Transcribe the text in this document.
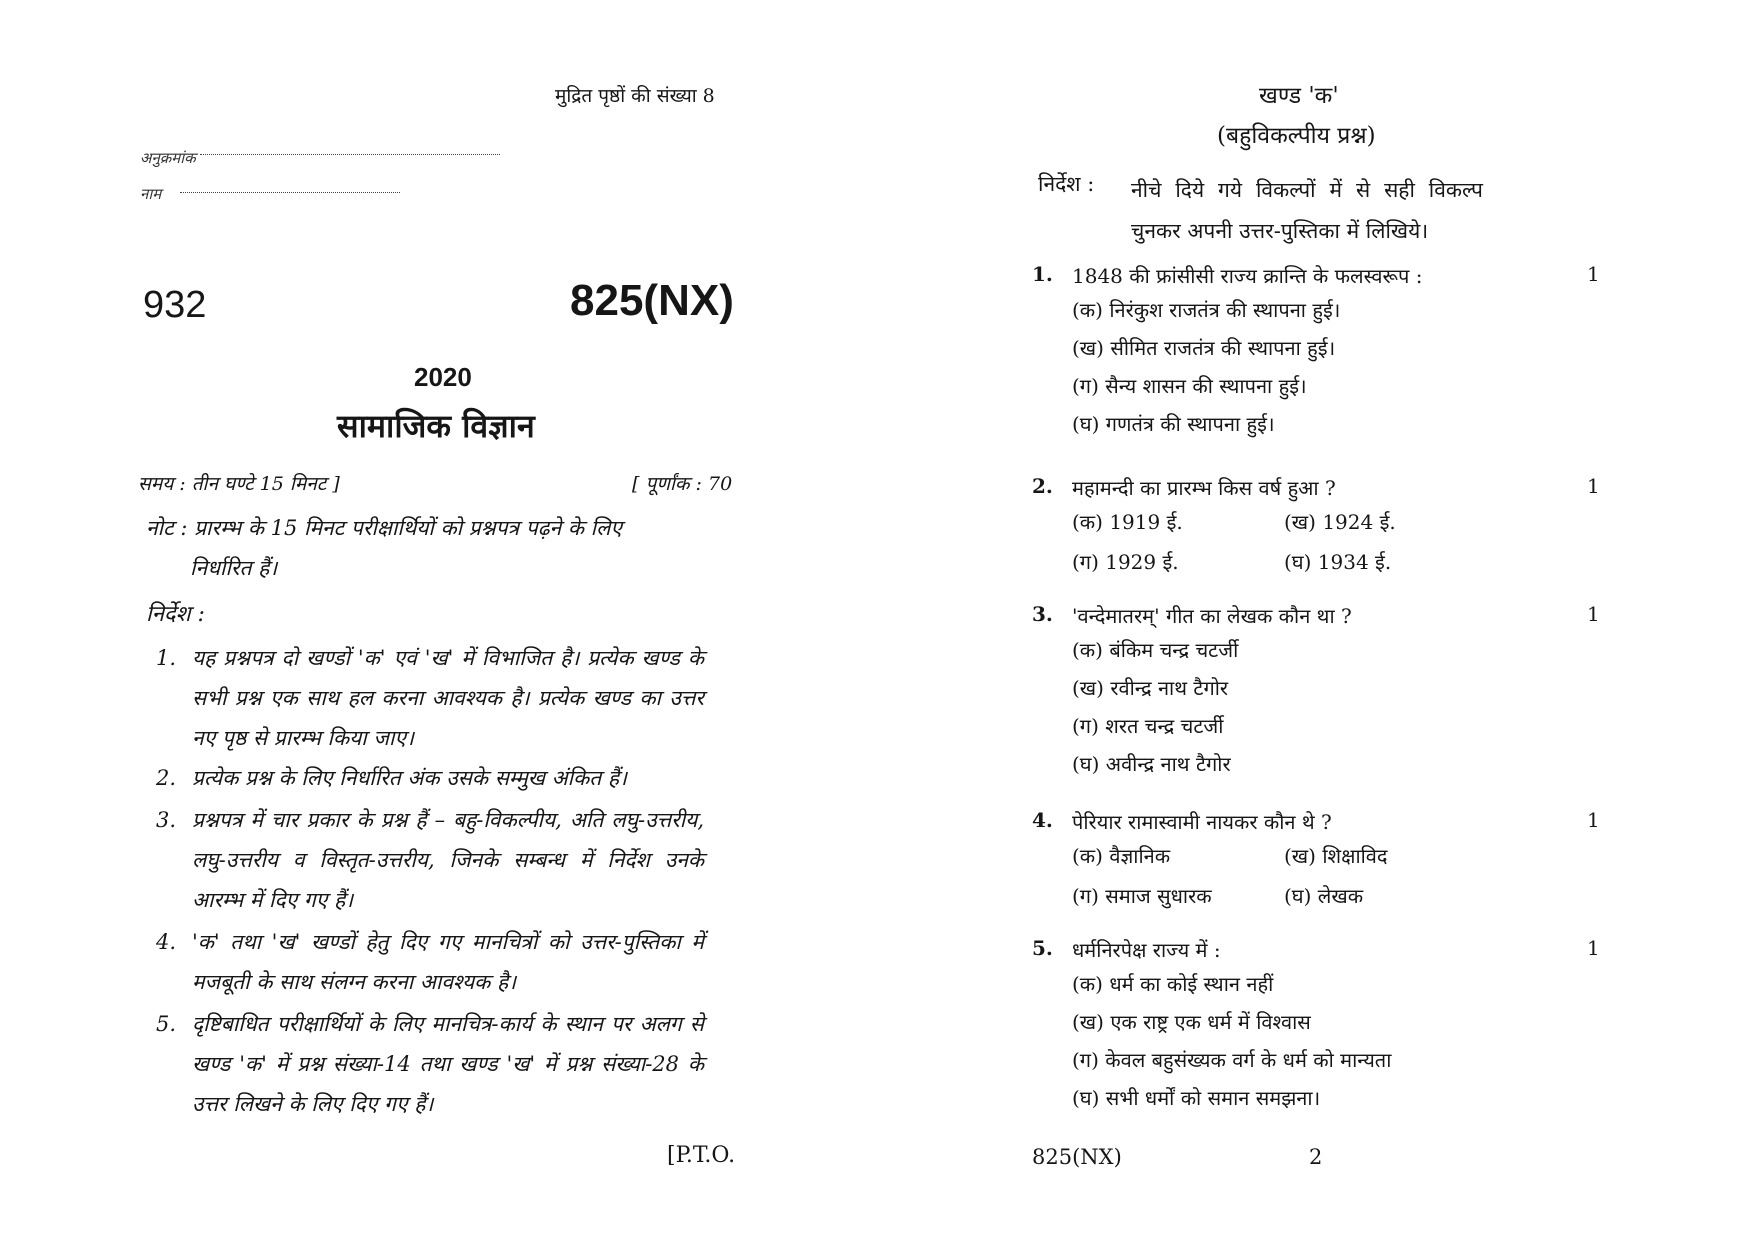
मुद्रित पृष्ठों की संख्या 8
अनुक्रमांक
नाम
932	825(NX)
2020
सामाजिक विज्ञान
समय : तीन घण्टे 15 मिनट ]	[ पूर्णांक : 70
नोट : प्रारम्भ के 15 मिनट परीक्षार्थियों को प्रश्नपत्र पढ़ने के लिए
निर्धारित हैं।
निर्देश :
1. यह प्रश्नपत्र दो खण्डों 'क' एवं 'ख' में विभाजित है। प्रत्येक खण्ड के सभी प्रश्न एक साथ हल करना आवश्यक है। प्रत्येक खण्ड का उत्तर नए पृष्ठ से प्रारम्भ किया जाए।
2. प्रत्येक प्रश्न के लिए निर्धारित अंक उसके सम्मुख अंकित हैं।
3. प्रश्नपत्र में चार प्रकार के प्रश्न हैं – बहु-विकल्पीय, अति लघु-उत्तरीय, लघु-उत्तरीय व विस्तृत-उत्तरीय, जिनके सम्बन्ध में निर्देश उनके आरम्भ में दिए गए हैं।
4. 'क' तथा 'ख' खण्डों हेतु दिए गए मानचित्रों को उत्तर-पुस्तिका में मजबूती के साथ संलग्न करना आवश्यक है।
5. दृष्टिबाधित परीक्षार्थियों के लिए मानचित्र-कार्य के स्थान पर अलग से खण्ड 'क' में प्रश्न संख्या-14 तथा खण्ड 'ख' में प्रश्न संख्या-28 के उत्तर लिखने के लिए दिए गए हैं।
[P.T.O.
खण्ड 'क'
(बहुविकल्पीय प्रश्न)
निर्देश : नीचे दिये गये विकल्पों में से सही विकल्प चुनकर अपनी उत्तर-पुस्तिका में लिखिये।
1. 1848 की फ्रांसीसी राज्य क्रान्ति के फलस्वरूप :	1
(क) निरंकुश राजतंत्र की स्थापना हुई।
(ख) सीमित राजतंत्र की स्थापना हुई।
(ग) सैन्य शासन की स्थापना हुई।
(घ) गणतंत्र की स्थापना हुई।
2. महामन्दी का प्रारम्भ किस वर्ष हुआ ?	1
(क) 1919 ई.	(ख) 1924 ई.
(ग) 1929 ई.	(घ) 1934 ई.
3. 'वन्देमातरम्' गीत का लेखक कौन था ?	1
(क) बंकिम चन्द्र चटर्जी
(ख) रवीन्द्र नाथ टैगोर
(ग) शरत चन्द्र चटर्जी
(घ) अवीन्द्र नाथ टैगोर
4. पेरियार रामास्वामी नायकर कौन थे ?	1
(क) वैज्ञानिक	(ख) शिक्षाविद
(ग) समाज सुधारक	(घ) लेखक
5. धर्मनिरपेक्ष राज्य में :	1
(क) धर्म का कोई स्थान नहीं
(ख) एक राष्ट्र एक धर्म में विश्वास
(ग) केवल बहुसंख्यक वर्ग के धर्म को मान्यता
(घ) सभी धर्मों को समान समझना।
825(NX)	2
